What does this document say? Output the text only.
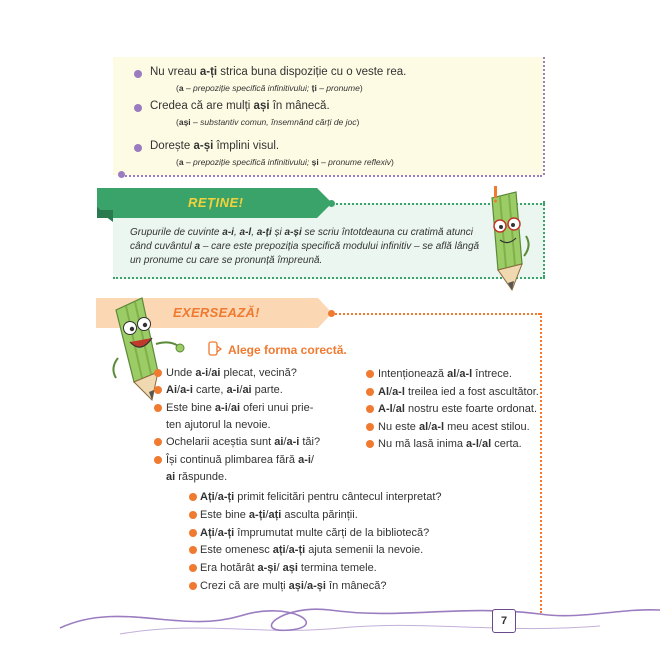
Nu vreau a-ți strica buna dispoziție cu o veste rea.
(a – prepoziție specifică infinitivului; ți – pronume)
Credea că are mulți ași în mânecă.
(ași – substantiv comun, însemnând cărți de joc)
Dorește a-și împlini visul.
(a – prepoziție specifică infinitivului; și – pronume reflexiv)
REȚINE!
Grupurile de cuvinte a-i, a-l, a-ți și a-și se scriu întotdeauna cu cratimă atunci când cuvântul a – care este prepoziția specifică modului infinitiv – se află lângă un pronume cu care se pronunță împreună.
EXERSEAZĂ!
Alege forma corectă.
Unde a-i/ai plecat, vecină?
Ai/a-i carte, a-i/ai parte.
Este bine a-i/ai oferi unui prie-
ten ajutorul la nevoie.
Ochelarii aceștia sunt ai/a-i tăi?
Își continuă plimbarea fără a-i/
ai răspunde.
Intenționează al/a-l întrece.
Al/a-l treilea ied a fost ascultător.
A-l/al nostru este foarte ordonat.
Nu este al/a-l meu acest stilou.
Nu mă lasă inima a-l/al certa.
Ați/a-ți primit felicitări pentru cântecul interpretat?
Este bine a-ți/ați asculta părinții.
Ați/a-ți împrumutat multe cărți de la bibliotecă?
Este omenesc ați/a-ți ajuta semenii la nevoie.
Era hotărât a-și/ ași termina temele.
Crezi că are mulți ași/a-și în mânecă?
7
